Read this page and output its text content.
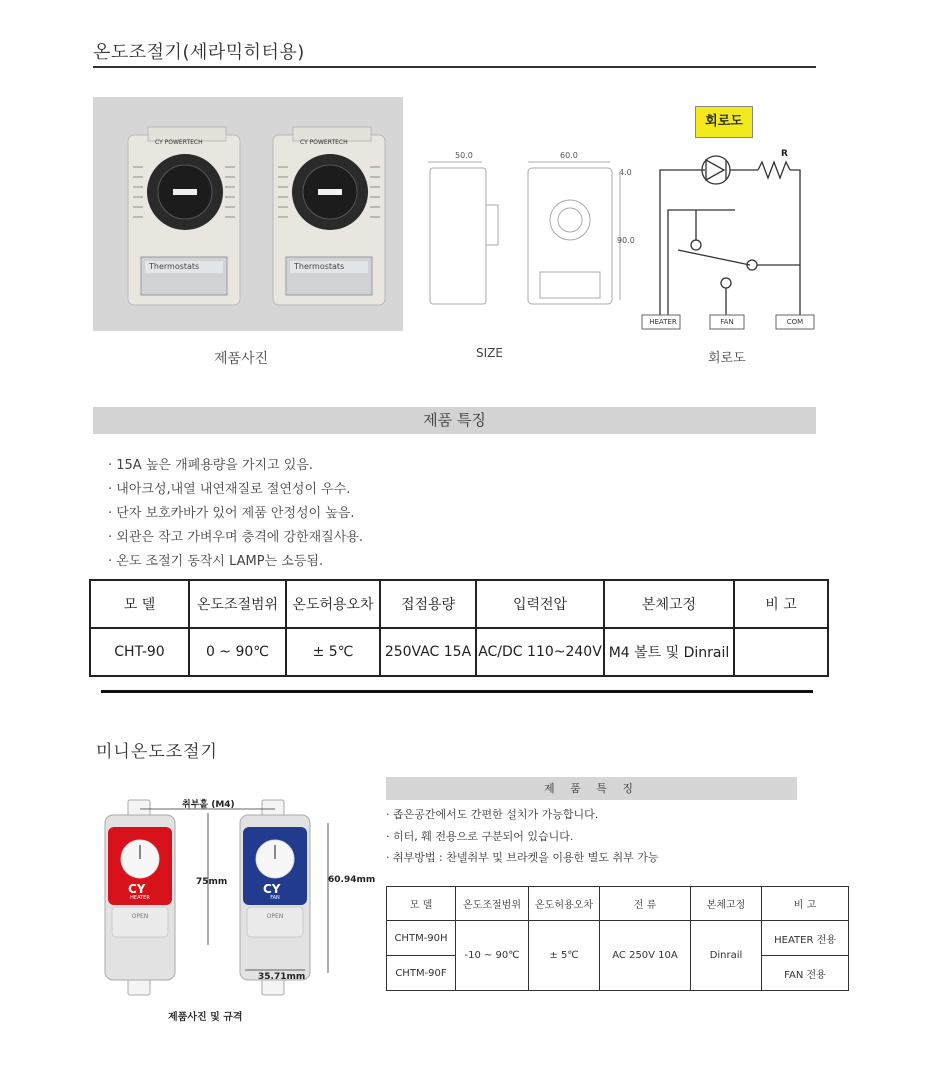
온도조절기(세라믹히터용)
CY POWERTECH	CY POWERTECH
Thermostats	Thermostats
50.0	60.0
4.0
90.0
회로도
R
HEATER	FAN	COM
제품사진	SIZE	회로도
제품 특징
· 15A 높은 개폐용량을 가지고 있음.
· 내아크성,내열 내연재질로 절연성이 우수.
· 단자 보호카바가 있어 제품 안정성이 높음.
· 외관은 작고 가벼우며 충격에 강한재질사용.
· 온도 조절기 동작시 LAMP는 소등됨.
모 델	온도조절범위	온도허용오차	접점용량	입력전압	본체고정	비 고
CHT-90	0 ~ 90℃	± 5℃	250VAC 15A	AC/DC 110~240V	M4 볼트 및 Dinrail	
미니온도조절기
취부홀 (M4)
75mm	60.94mm
35.71mm
CY	CY
HEATER	FAN
OPEN	OPEN
제품사진 및 규격
제 품 특 징
· 좁은공간에서도 간편한 설치가 가능합니다.
· 히터, 훼 전용으로 구분되어 있습니다.
· 취부방법 : 찬넬취부 및 브라켓을 이용한 별도 취부 가능
모 델	온도조절범위	온도허용오차	전 류	본체고정	비 고
CHTM-90H	-10 ~ 90℃	± 5℃	AC 250V 10A	Dinrail	HEATER 전용
CHTM-90F					FAN 전용
